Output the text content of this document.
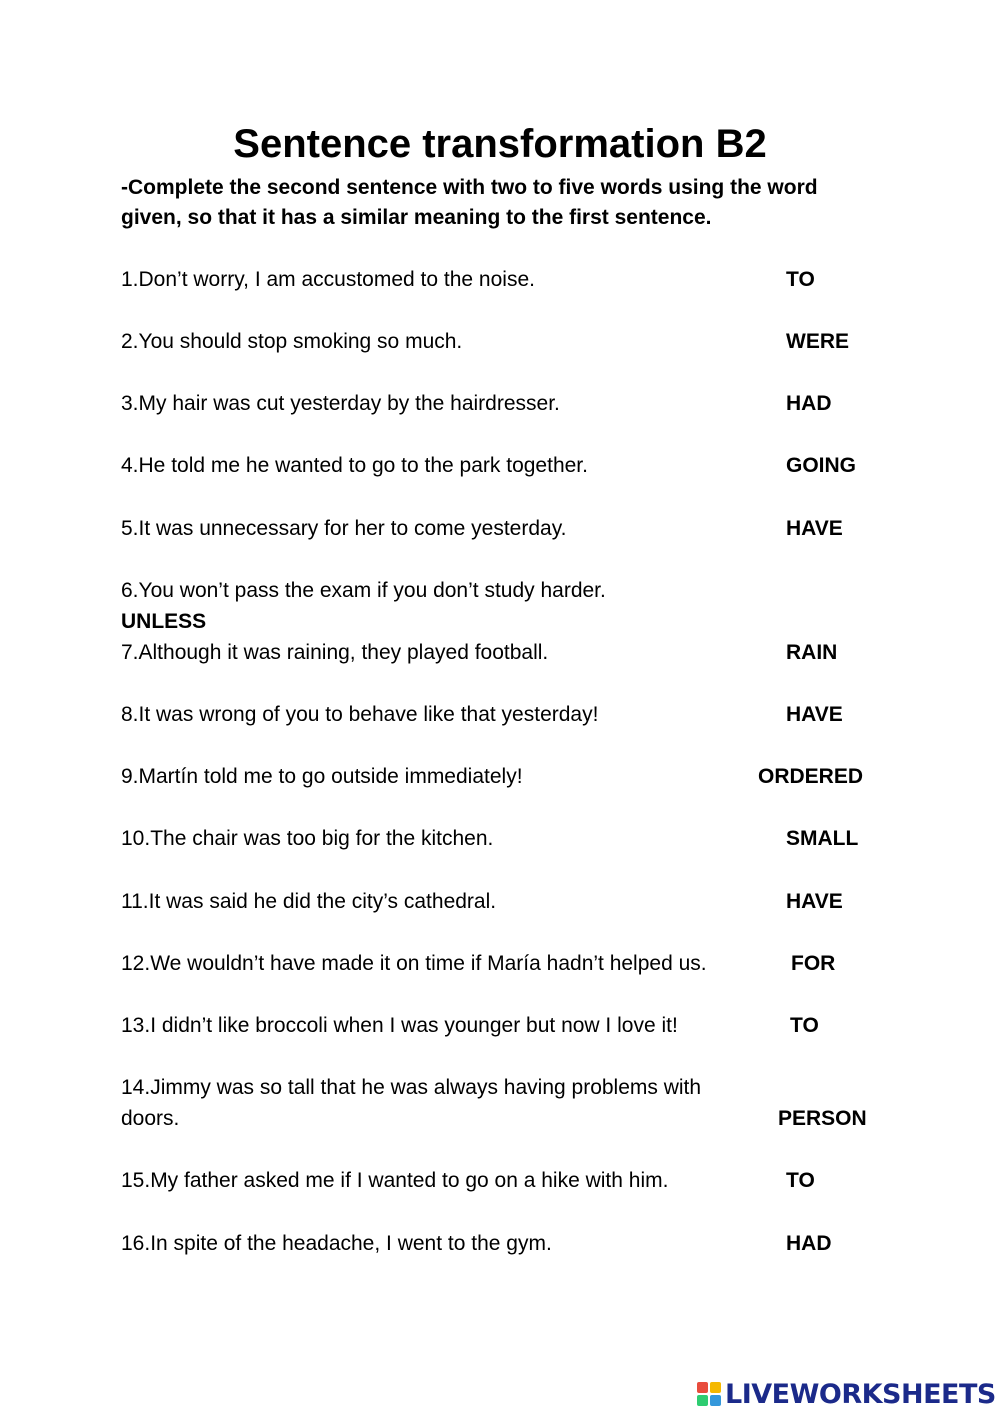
Sentence transformation B2
-Complete the second sentence with two to five words using the word given, so that it has a similar meaning to the first sentence.
1.Don’t worry, I am accustomed to the noise.	TO
2.You should stop smoking so much.	WERE
3.My hair was cut yesterday by the hairdresser.	HAD
4.He told me he wanted to go to the park together.	GOING
5.It was unnecessary for her to come yesterday.	HAVE
6.You won’t pass the exam if you don’t study harder.
UNLESS
7.Although it was raining, they played football.	RAIN
8.It was wrong of you to behave like that yesterday!	HAVE
9.Martín told me to go outside immediately!	ORDERED
10.The chair was too big for the kitchen.	SMALL
11.It was said he did the city’s cathedral.	HAVE
12.We wouldn’t have made it on time if María hadn’t helped us.	FOR
13.I didn’t like broccoli when I was younger but now I love it!	TO
14.Jimmy was so tall that he was always having problems with
doors.	PERSON
15.My father asked me if I wanted to go on a hike with him.	TO
16.In spite of the headache, I went to the gym.	HAD
LIVEWORKSHEETS
